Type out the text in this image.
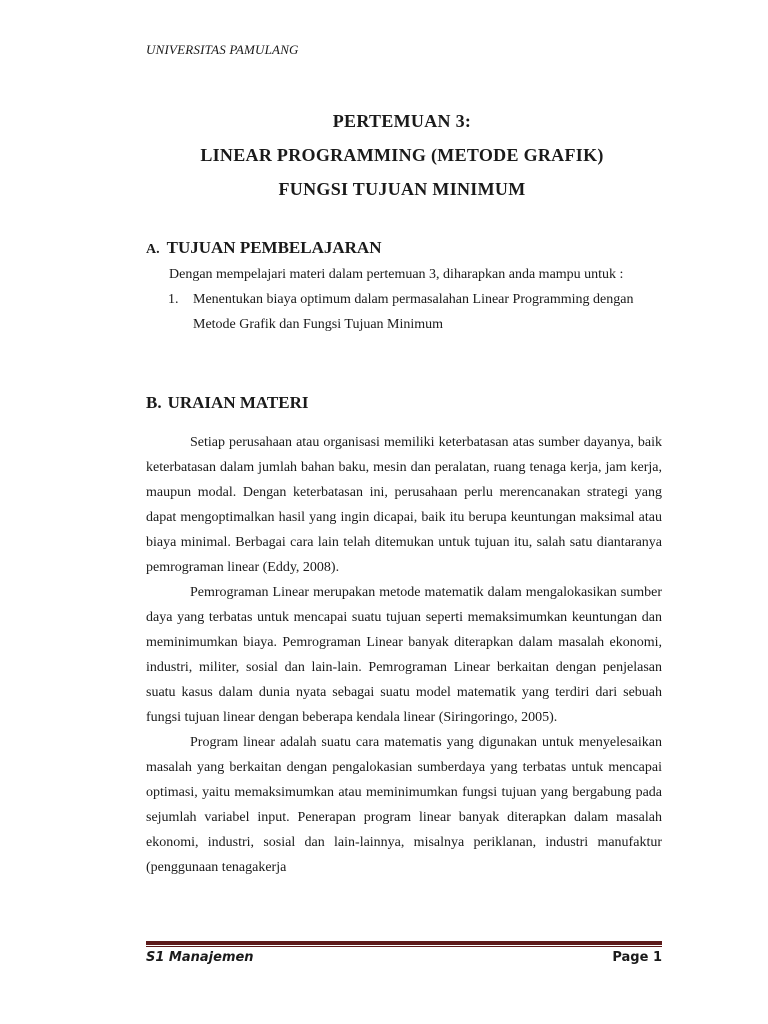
UNIVERSITAS PAMULANG
PERTEMUAN 3:
LINEAR PROGRAMMING (METODE GRAFIK)
FUNGSI TUJUAN MINIMUM
A. TUJUAN PEMBELAJARAN
Dengan mempelajari materi dalam pertemuan 3, diharapkan anda mampu untuk :
1.	Menentukan biaya optimum dalam permasalahan Linear Programming dengan Metode Grafik dan Fungsi Tujuan Minimum
B. URAIAN MATERI

Setiap perusahaan atau organisasi memiliki keterbatasan atas sumber dayanya, baik keterbatasan dalam jumlah bahan baku, mesin dan peralatan, ruang tenaga kerja, jam kerja, maupun modal. Dengan keterbatasan ini, perusahaan perlu merencanakan strategi yang dapat mengoptimalkan hasil yang ingin dicapai, baik itu berupa keuntungan maksimal atau biaya minimal. Berbagai cara lain telah ditemukan untuk tujuan itu, salah satu diantaranya pemrograman linear (Eddy, 2008).

Pemrograman Linear merupakan metode matematik dalam mengalokasikan sumber daya yang terbatas untuk mencapai suatu tujuan seperti memaksimumkan keuntungan dan meminimumkan biaya. Pemrograman Linear banyak diterapkan dalam masalah ekonomi, industri, militer, sosial dan lain-lain. Pemrograman Linear berkaitan dengan penjelasan suatu kasus dalam dunia nyata sebagai suatu model matematik yang terdiri dari sebuah fungsi tujuan linear dengan beberapa kendala linear (Siringoringo, 2005).

Program linear adalah suatu cara matematis yang digunakan untuk menyelesaikan masalah yang berkaitan dengan pengalokasian sumberdaya yang terbatas untuk mencapai optimasi, yaitu memaksimumkan atau meminimumkan fungsi tujuan yang bergabung pada sejumlah variabel input. Penerapan program linear banyak diterapkan dalam masalah ekonomi, industri, sosial dan lain-lainnya, misalnya periklanan, industri manufaktur (penggunaan tenagakerja

S1 Manajemen	Page 1
